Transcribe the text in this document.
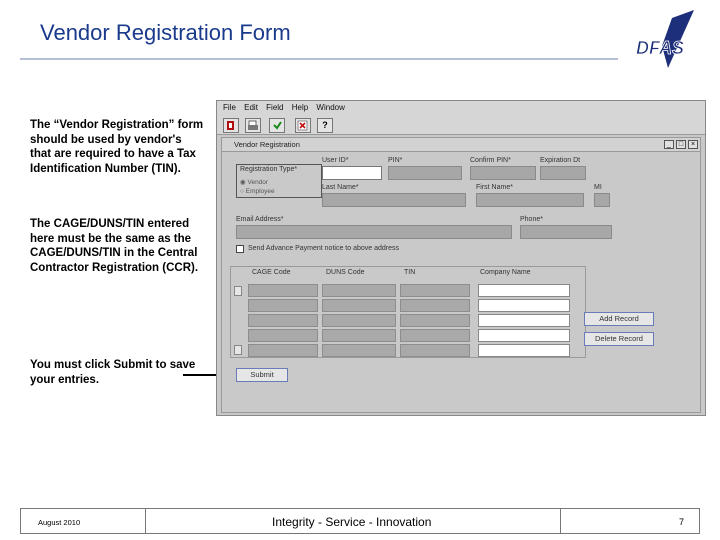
Vendor Registration Form
DFAS
The “Vendor Registration” form should be used by vendor's that are required to have a Tax Identification Number (TIN).
The CAGE/DUNS/TIN entered here must be the same as the CAGE/DUNS/TIN in the Central Contractor Registration (CCR).
You must click Submit to save your entries.
File Edit Field Help Window
?
Vendor Registration	_	□	×
Registration Type*
◉ Vendor
○ Employee
User ID*	PIN*	Confirm PIN*	Expiration Dt
Last Name*	First Name*	MI
Email Address*	Phone*
Send Advance Payment notice to above address
CAGE Code	DUNS Code	TIN	Company Name
Add Record
Delete Record
Submit
August 2010	Integrity - Service - Innovation	7
